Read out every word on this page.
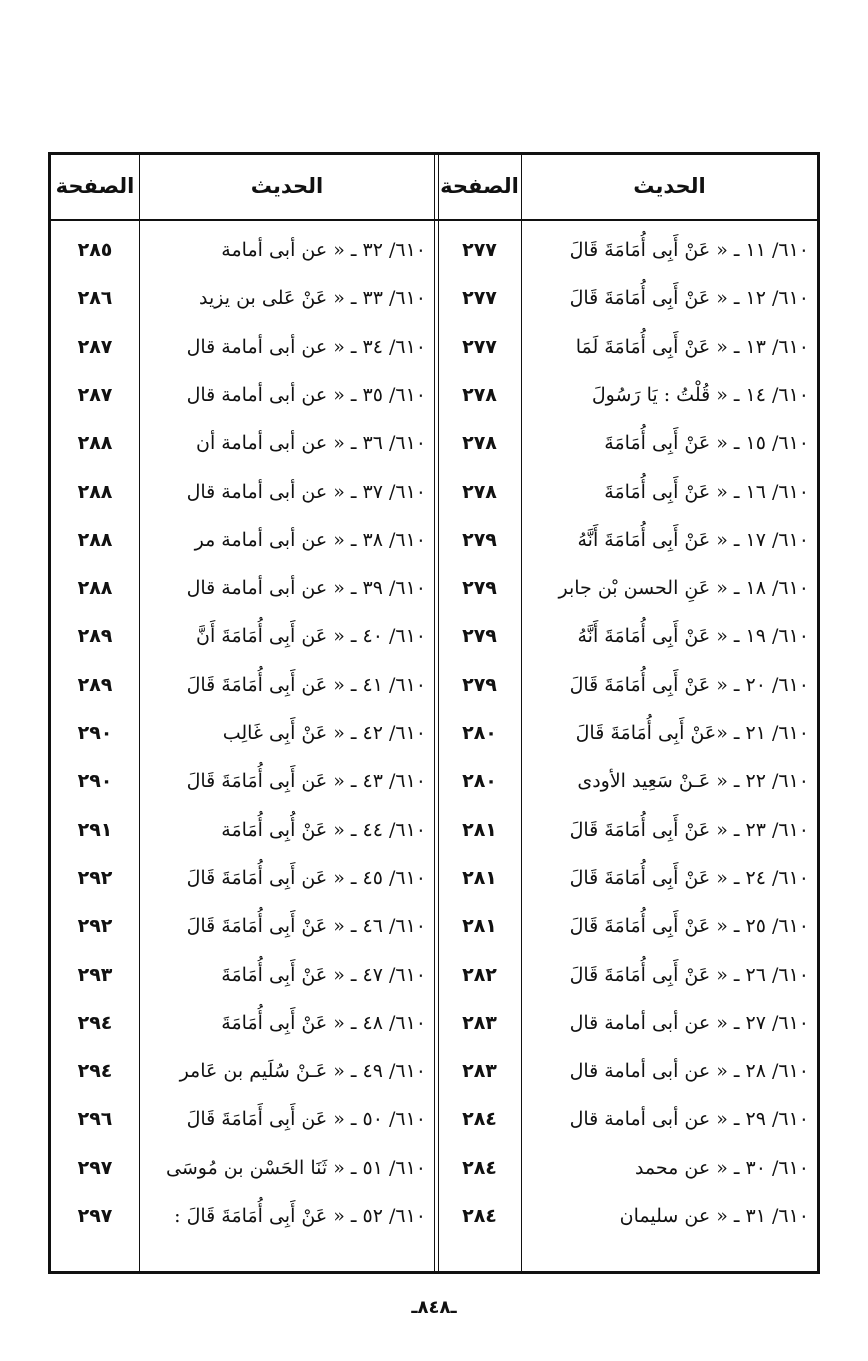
الصفحة	الحديث	الصفحة	الحديث
٢٨٥	٦١٠/ ٣٢ ـ « عن أبى أمامة	٢٧٧	٦١٠/ ١١ ـ « عَنْ أَبِى أُمَامَةَ قَالَ
٢٨٦	٦١٠/ ٣٣ ـ « عَنْ عَلى بن يزيد	٢٧٧	٦١٠/ ١٢ ـ « عَنْ أَبِى أُمَامَةَ قَالَ
٢٨٧	٦١٠/ ٣٤ ـ « عن أبى أمامة قال	٢٧٧	٦١٠/ ١٣ ـ « عَنْ أَبِى أُمَامَةَ لَمَا
٢٨٧	٦١٠/ ٣٥ ـ « عن أبى أمامة قال	٢٧٨	٦١٠/ ١٤ ـ « قُلْتُ : يَا رَسُولَ
٢٨٨	٦١٠/ ٣٦ ـ « عن أبى أمامة أن	٢٧٨	٦١٠/ ١٥ ـ « عَنْ أَبِى أُمَامَةَ
٢٨٨	٦١٠/ ٣٧ ـ « عن أبى أمامة قال	٢٧٨	٦١٠/ ١٦ ـ « عَنْ أَبِى أُمَامَةَ
٢٨٨	٦١٠/ ٣٨ ـ « عن أبى أمامة مر	٢٧٩	٦١٠/ ١٧ ـ « عَنْ أَبِى أُمَامَةَ أَنَّهُ
٢٨٨	٦١٠/ ٣٩ ـ « عن أبى أمامة قال	٢٧٩	٦١٠/ ١٨ ـ « عَنِ الحسن بْن جابر
٢٨٩	٦١٠/ ٤٠ ـ « عَن أَبِى أُمَامَةَ أَنَّ	٢٧٩	٦١٠/ ١٩ ـ « عَنْ أَبِى أُمَامَةَ أَنَّهُ
٢٨٩	٦١٠/ ٤١ ـ « عَن أَبِى أُمَامَةَ قَالَ	٢٧٩	٦١٠/ ٢٠ ـ « عَنْ أَبِى أُمَامَةَ قَالَ
٢٩٠	٦١٠/ ٤٢ ـ « عَنْ أَبِى غَالِب	٢٨٠	٦١٠/ ٢١ ـ «عَنْ أَبِى أُمَامَةَ قَالَ
٢٩٠	٦١٠/ ٤٣ ـ « عَن أَبِى أُمَامَةَ قَالَ	٢٨٠	٦١٠/ ٢٢ ـ « عَـنْ سَعِيد الأودى
٢٩١	٦١٠/ ٤٤ ـ « عَنْ أُبِى أُمَامَة	٢٨١	٦١٠/ ٢٣ ـ « عَنْ أَبِى أُمَامَةَ قَالَ
٢٩٢	٦١٠/ ٤٥ ـ « عَن أَبِى أُمَامَةَ قَالَ	٢٨١	٦١٠/ ٢٤ ـ « عَنْ أَبِى أُمَامَةَ قَالَ
٢٩٢	٦١٠/ ٤٦ ـ « عَنْ أَبِى أُمَامَةَ قَالَ	٢٨١	٦١٠/ ٢٥ ـ « عَنْ أَبِى أُمَامَةَ قَالَ
٢٩٣	٦١٠/ ٤٧ ـ « عَنْ أَبِى أُمَامَةَ	٢٨٢	٦١٠/ ٢٦ ـ « عَنْ أَبِى أُمَامَةَ قَالَ
٢٩٤	٦١٠/ ٤٨ ـ « عَنْ أَبِى أُمَامَةَ	٢٨٣	٦١٠/ ٢٧ ـ « عن أبى أمامة قال
٢٩٤	٦١٠/ ٤٩ ـ « عَـنْ سُلَيم بن عَامر	٢٨٣	٦١٠/ ٢٨ ـ « عن أبى أمامة قال
٢٩٦	٦١٠/ ٥٠ ـ « عَن أَبِى أَمَامَةَ قَالَ	٢٨٤	٦١٠/ ٢٩ ـ « عن أبى أمامة قال
٢٩٧	٦١٠/ ٥١ ـ « ثَنَا الحَسْن بن مُوسَى	٢٨٤	٦١٠/ ٣٠ ـ « عن محمد
٢٩٧	٦١٠/ ٥٢ ـ « عَنْ أَبِى أُمَامَةَ قَالَ :	٢٨٤	٦١٠/ ٣١ ـ « عن سليمان
ـ٨٤٨ـ
